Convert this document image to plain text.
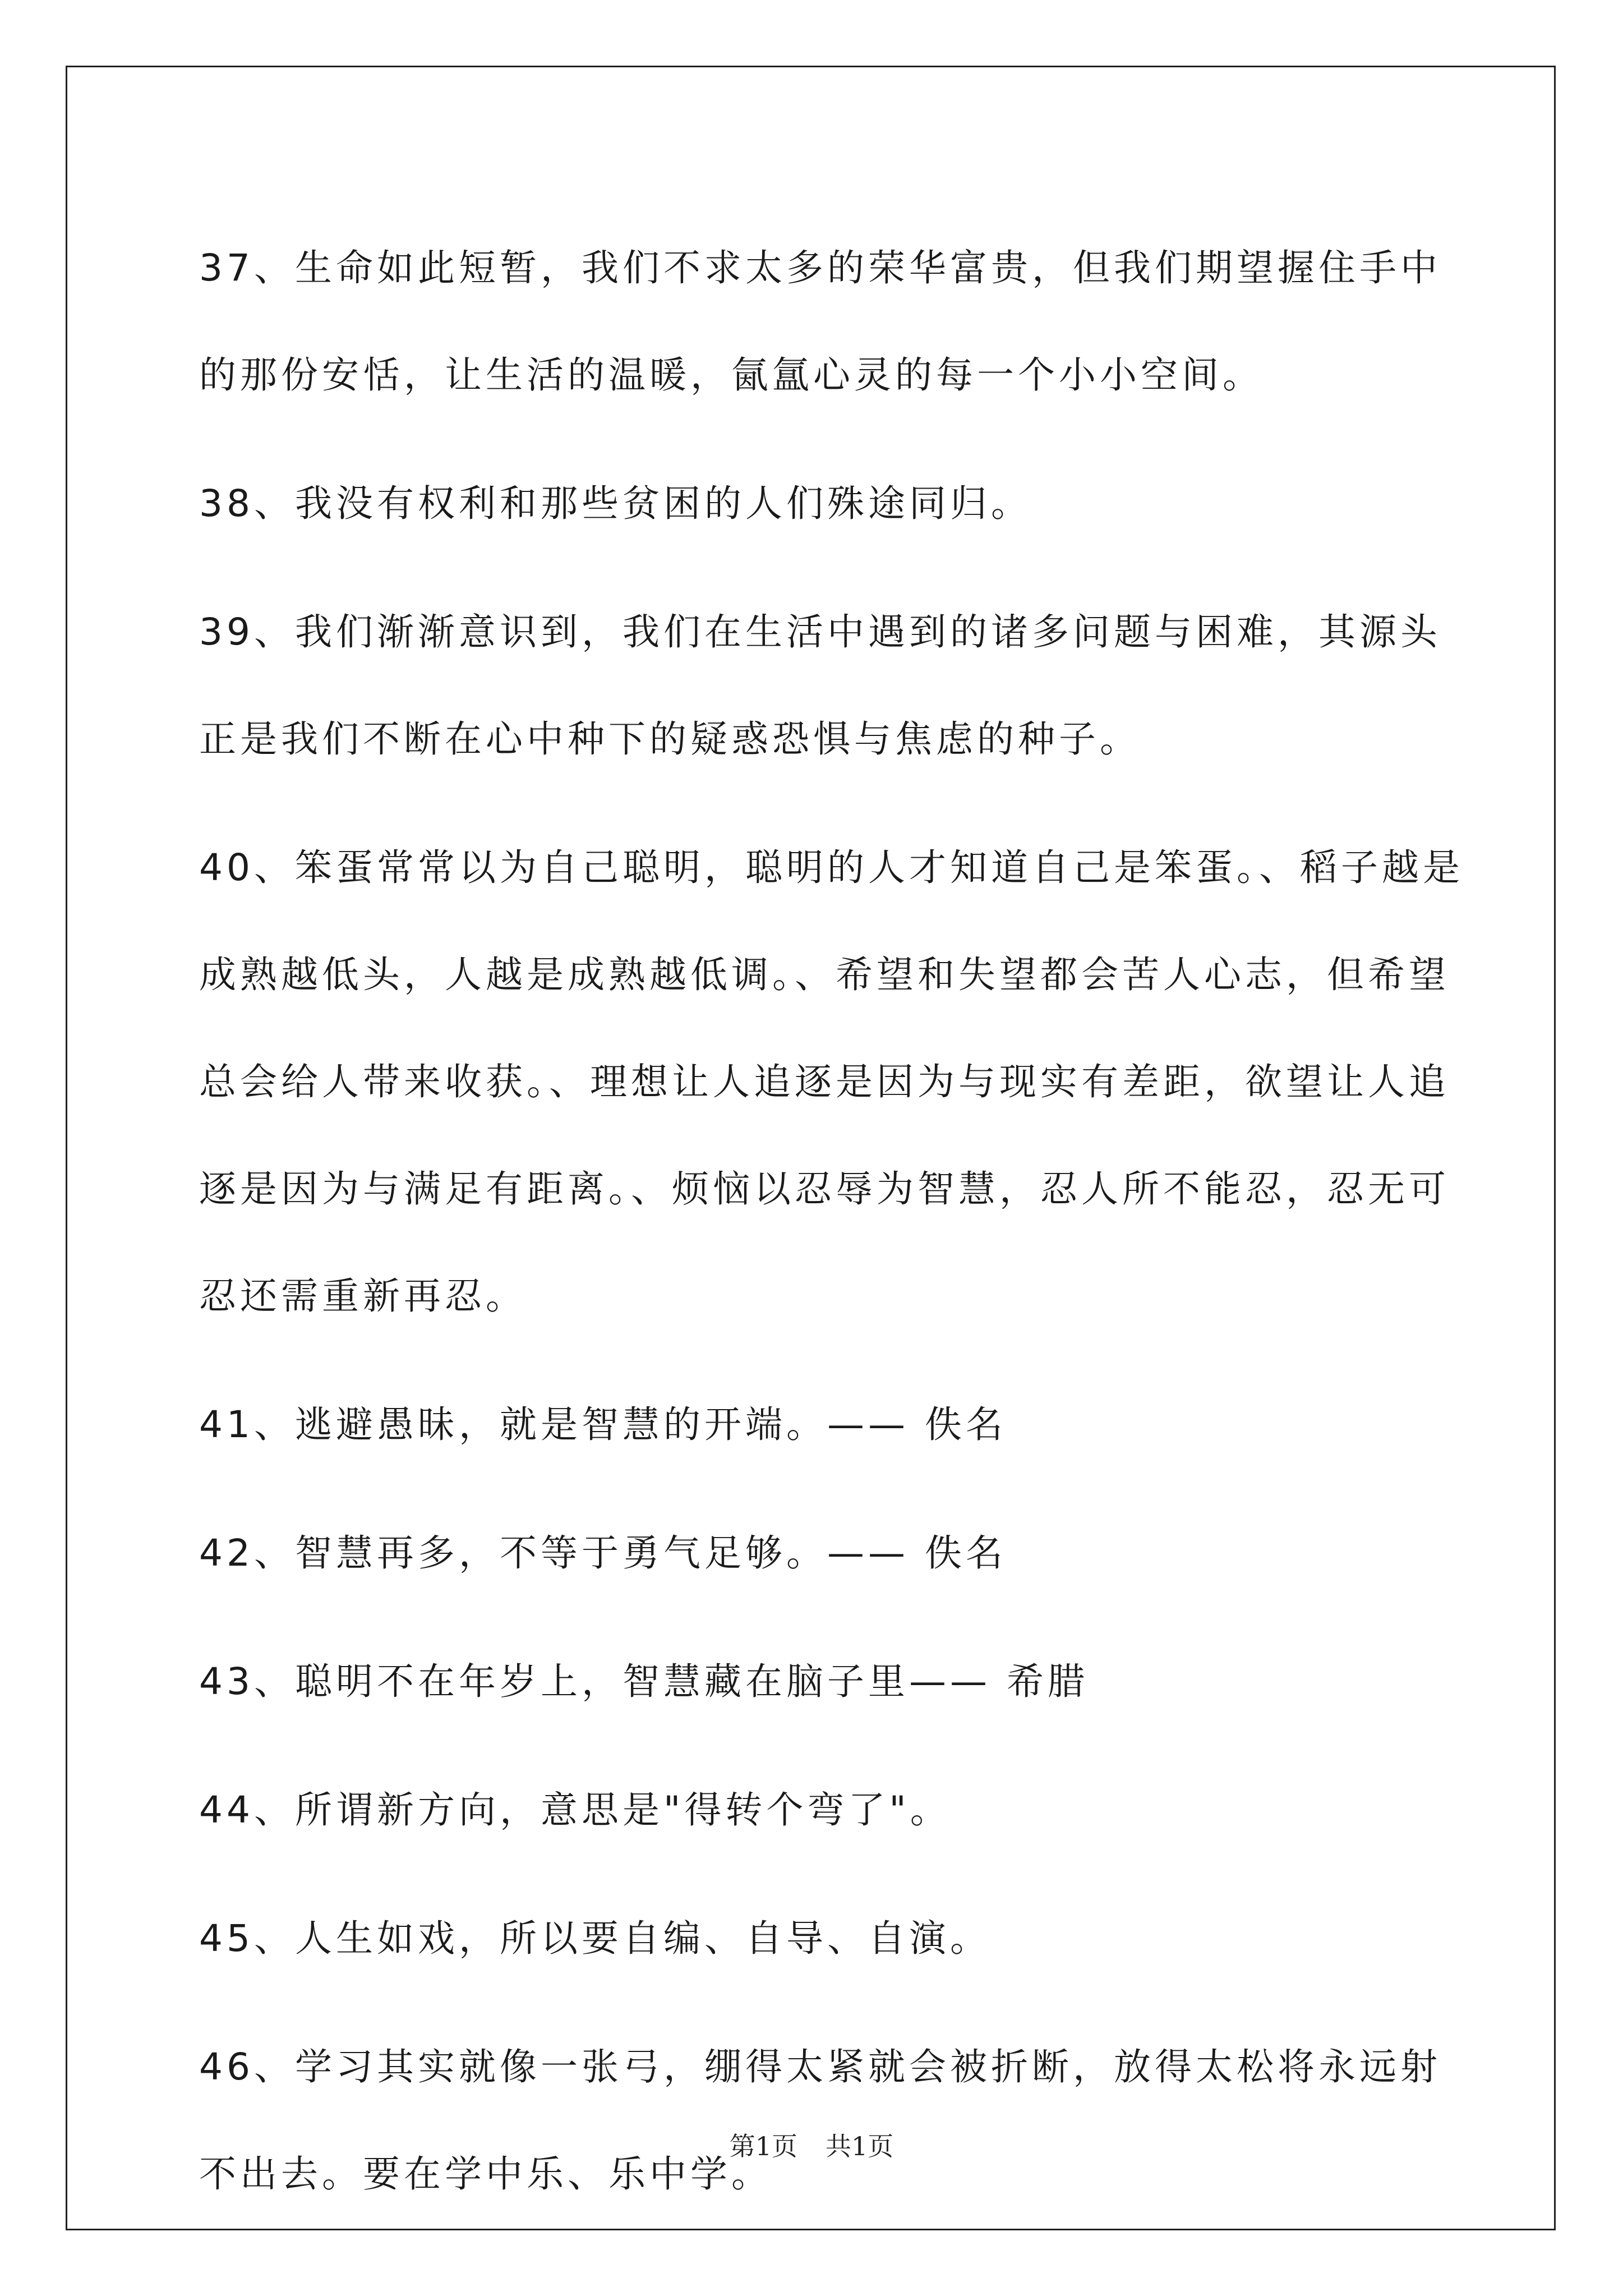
37、生命如此短暂，我们不求太多的荣华富贵，但我们期望握住手中
的那份安恬，让生活的温暖，氤氲心灵的每一个小小空间。

38、我没有权利和那些贫困的人们殊途同归。

39、我们渐渐意识到，我们在生活中遇到的诸多问题与困难，其源头
正是我们不断在心中种下的疑惑恐惧与焦虑的种子。

40、笨蛋常常以为自己聪明，聪明的人才知道自己是笨蛋。、稻子越是
成熟越低头，人越是成熟越低调。、希望和失望都会苦人心志，但希望
总会给人带来收获。、理想让人追逐是因为与现实有差距，欲望让人追
逐是因为与满足有距离。、烦恼以忍辱为智慧，忍人所不能忍，忍无可
忍还需重新再忍。

41、逃避愚昧，就是智慧的开端。—— 佚名

42、智慧再多，不等于勇气足够。—— 佚名

43、聪明不在年岁上，智慧藏在脑子里—— 希腊

44、所谓新方向，意思是"得转个弯了"。

45、人生如戏，所以要自编、自导、自演。

46、学习其实就像一张弓，绷得太紧就会被折断，放得太松将永远射
不出去。要在学中乐、乐中学。

第1页 共1页
